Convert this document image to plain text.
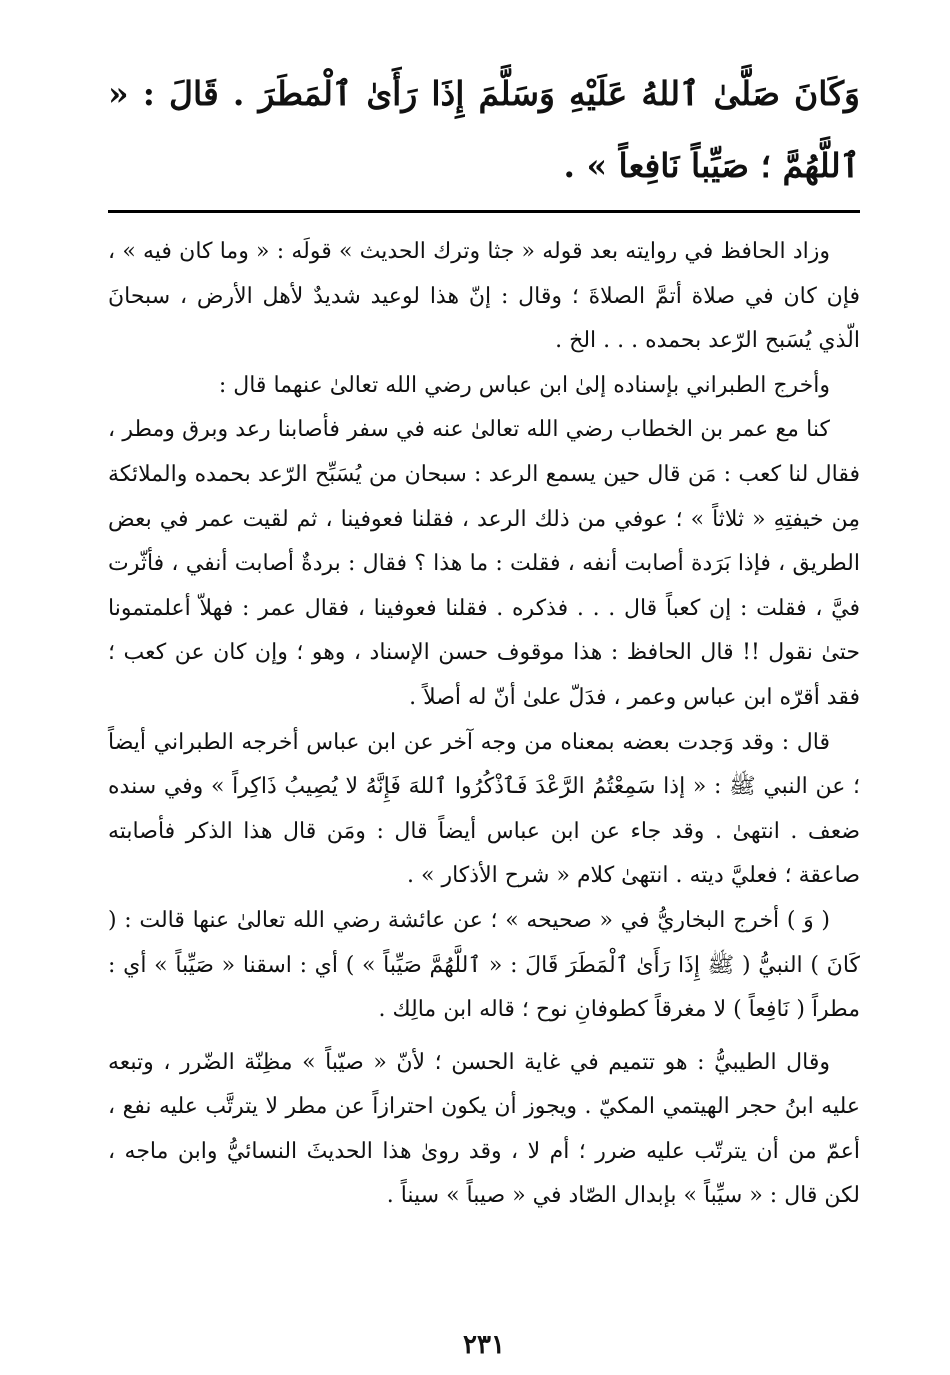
وَكَانَ صَلَّىٰ ٱللهُ عَلَيْهِ وَسَلَّمَ إِذَا رَأَىٰ ٱلْمَطَرَ . قَالَ : « ٱللَّهُمَّ ؛ صَيِّباً نَافِعاً » .

وزاد الحافظ في روايته بعد قوله « جثا وترك الحديث » قولَه : « وما كان فيه » ، فإن كان في صلاة أتمَّ الصلاةَ ؛ وقال : إنّ هذا لوعيد شديدٌ لأهل الأرض ، سبحانَ الّذي يُسَبح الرّعد بحمده . . . الخ .

وأخرج الطبراني بإسناده إلىٰ ابن عباس رضي الله تعالىٰ عنهما قال :

كنا مع عمر بن الخطاب رضي الله تعالىٰ عنه في سفر فأصابنا رعد وبرق ومطر ، فقال لنا كعب : مَن قال حين يسمع الرعد : سبحان من يُسَبِّح الرّعد بحمده والملائكة مِن خيفتِهِ « ثلاثاً » ؛ عوفي من ذلك الرعد ، فقلنا فعوفينا ، ثم لقيت عمر في بعض الطريق ، فإذا بَرَدة أصابت أنفه ، فقلت : ما هذا ؟ فقال : بردةٌ أصابت أنفي ، فأثّرت فيَّ ، فقلت : إن كعباً قال . . . فذكره . فقلنا فعوفينا ، فقال عمر : فهلاّ أعلمتمونا حتىٰ نقول !! قال الحافظ : هذا موقوف حسن الإسناد ، وهو ؛ وإن كان عن كعب ؛ فقد أقرّه ابن عباس وعمر ، فدَلّ علىٰ أنّ له أصلاً .

قال : وقد وَجدت بعضه بمعناه من وجه آخر عن ابن عباس أخرجه الطبراني أيضاً ؛ عن النبي ﷺ : « إذا سَمِعْتُمُ الرَّعْدَ فَٱذْكُرُوا ٱللهَ فَإِنَّهُ لا يُصِيبُ ذَاكِراً » وفي سنده ضعف . انتهىٰ . وقد جاء عن ابن عباس أيضاً قال : ومَن قال هذا الذكر فأصابته صاعقة ؛ فعليَّ ديته . انتهىٰ كلام « شرح الأذكار » .

( وَ ) أخرج البخاريُّ في « صحيحه » ؛ عن عائشة رضي الله تعالىٰ عنها قالت : ( كَانَ ) النبيُّ ( ﷺ إِذَا رَأَىٰ ٱلْمَطَرَ قَالَ : « ٱللَّهُمَّ صَيِّباً » ) أي : اسقنا « صَيِّباً » أي : مطراً ( نَافِعاً ) لا مغرقاً كطوفانِ نوح ؛ قاله ابن مالِك .

وقال الطيبيُّ : هو تتميم في غاية الحسن ؛ لأنّ « صيّباً » مظِنّة الضّرر ، وتبعه عليه ابنُ حجر الهيتمي المكيّ . ويجوز أن يكون احترازاً عن مطر لا يترتَّب عليه نفع ، أعمّ من أن يترتّب عليه ضرر ؛ أم لا ، وقد روىٰ هذا الحديثَ النسائيُّ وابن ماجه ، لكن قال : « سيِّباً » بإبدال الصّاد في « صيباً » سيناً .

٢٣١
